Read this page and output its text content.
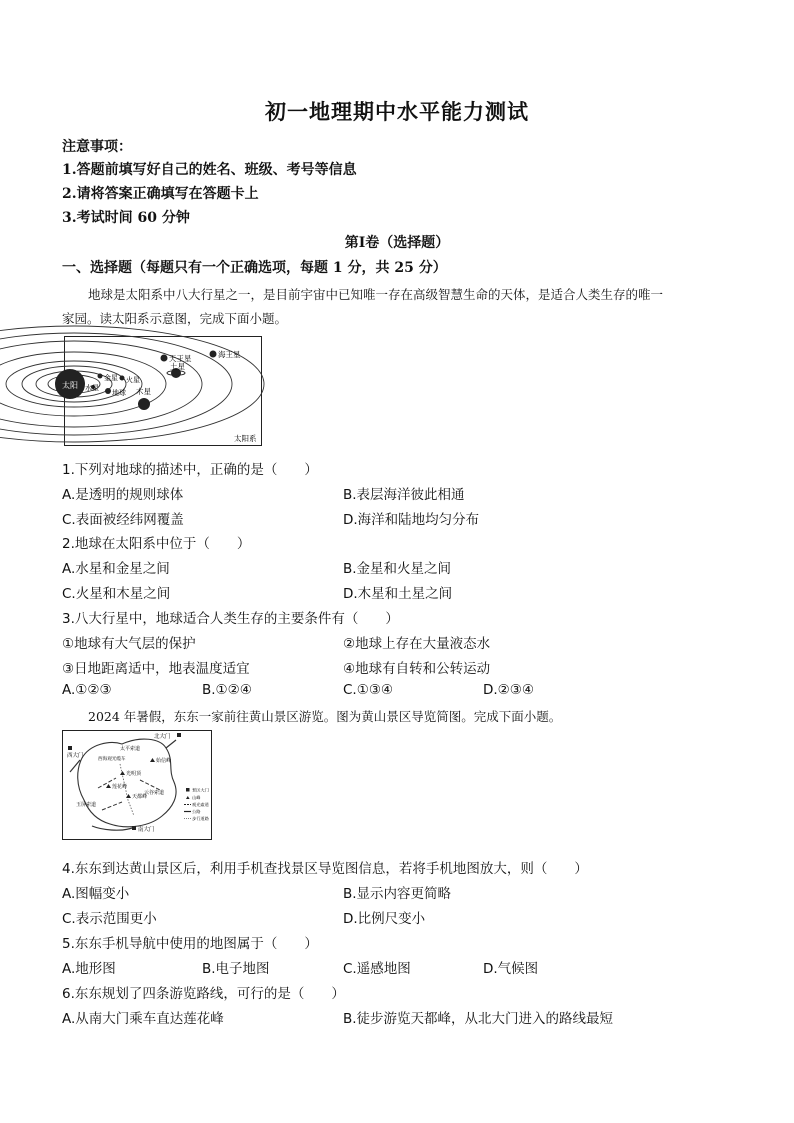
初一地理期中水平能力测试
注意事项：
1.答题前填写好自己的姓名、班级、考号等信息
2.请将答案正确填写在答题卡上
3.考试时间 60 分钟
第Ⅰ卷（选择题）
一、选择题（每题只有一个正确选项，每题 1 分，共 25 分）
地球是太阳系中八大行星之一，是目前宇宙中已知唯一存在高级智慧生命的天体，是适合人类生存的唯一
家园。读太阳系示意图，完成下面小题。
太阳 水星
金星
地球
火星
木星
土星
天王星	海王星
太阳系
1.下列对地球的描述中，正确的是（　　）
A.是透明的规则球体	B.表层海洋彼此相通
C.表面被经纬网覆盖	D.海洋和陆地均匀分布
2.地球在太阳系中位于（　　）
A.水星和金星之间	B.金星和火星之间
C.火星和木星之间	D.木星和土星之间
3.八大行星中，地球适合人类生存的主要条件有（　　）
①地球有大气层的保护	②地球上存在大量液态水
③日地距离适中，地表温度适宜	④地球有自转和公转运动
A.①②③	B.①②④	C.①③④	D.②③④
2024 年暑假，东东一家前往黄山景区游览。图为黄山景区导览简图。完成下面小题。
北大门
西大门
太平索道
西海观光缆车
光明顶
始信峰
莲花峰
天都峰
玉屏索道
云谷索道
南大门
景区大门
山峰
观光索道
公路
步行道路
4.东东到达黄山景区后，利用手机查找景区导览图信息，若将手机地图放大，则（　　）
A.图幅变小	B.显示内容更简略
C.表示范围更小	D.比例尺变小
5.东东手机导航中使用的地图属于（　　）
A.地形图	B.电子地图	C.遥感地图	D.气候图
6.东东规划了四条游览路线，可行的是（　　）
A.从南大门乘车直达莲花峰	B.徒步游览天都峰，从北大门进入的路线最短
